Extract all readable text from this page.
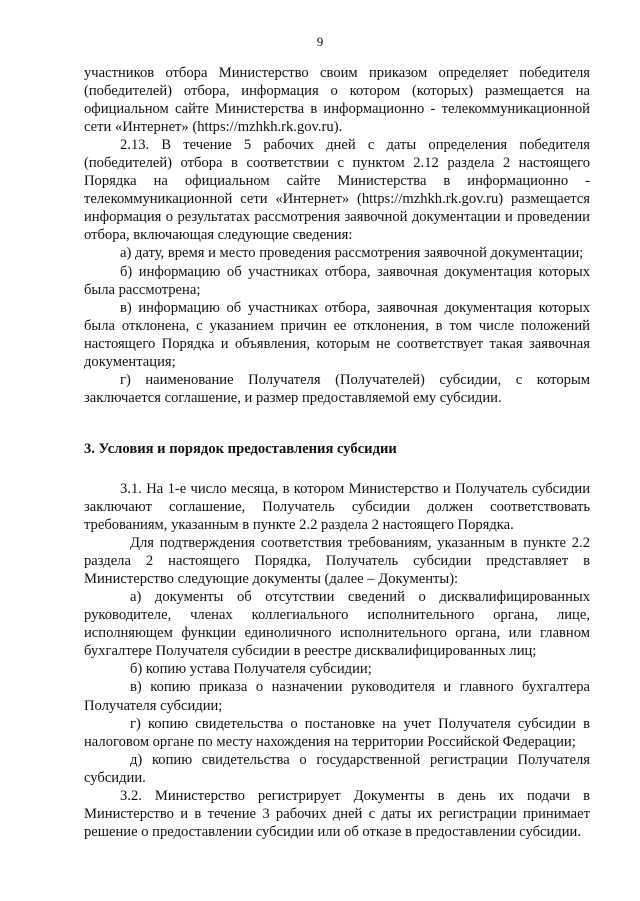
9

участников отбора Министерство своим приказом определяет победителя (победителей) отбора, информация о котором (которых) размещается на официальном сайте Министерства в информационно - телекоммуникационной сети «Интернет» (https://mzhkh.rk.gov.ru).

2.13. В течение 5 рабочих дней с даты определения победителя (победителей) отбора в соответствии с пунктом 2.12 раздела 2 настоящего Порядка на официальном сайте Министерства в информационно - телекоммуникационной сети «Интернет» (https://mzhkh.rk.gov.ru) размещается информация о результатах рассмотрения заявочной документации и проведении отбора, включающая следующие сведения:

а) дату, время и место проведения рассмотрения заявочной документации;

б) информацию об участниках отбора, заявочная документация которых была рассмотрена;

в) информацию об участниках отбора, заявочная документация которых была отклонена, с указанием причин ее отклонения, в том числе положений настоящего Порядка и объявления, которым не соответствует такая заявочная документация;

г) наименование Получателя (Получателей) субсидии, с которым заключается соглашение, и размер предоставляемой ему субсидии.

3. Условия и порядок предоставления субсидии

3.1. На 1-е число месяца, в котором Министерство и Получатель субсидии заключают соглашение, Получатель субсидии должен соответствовать требованиям, указанным в пункте 2.2 раздела 2 настоящего Порядка.

Для подтверждения соответствия требованиям, указанным в пункте 2.2 раздела 2 настоящего Порядка, Получатель субсидии представляет в Министерство следующие документы (далее – Документы):

а) документы об отсутствии сведений о дисквалифицированных руководителе, членах коллегиального исполнительного органа, лице, исполняющем функции единоличного исполнительного органа, или главном бухгалтере Получателя субсидии в реестре дисквалифицированных лиц;

б) копию устава Получателя субсидии;

в) копию приказа о назначении руководителя и главного бухгалтера Получателя субсидии;

г) копию свидетельства о постановке на учет Получателя субсидии в налоговом органе по месту нахождения на территории Российской Федерации;

д) копию свидетельства о государственной регистрации Получателя субсидии.

3.2. Министерство регистрирует Документы в день их подачи в Министерство и в течение 3 рабочих дней с даты их регистрации принимает решение о предоставлении субсидии или об отказе в предоставлении субсидии.
